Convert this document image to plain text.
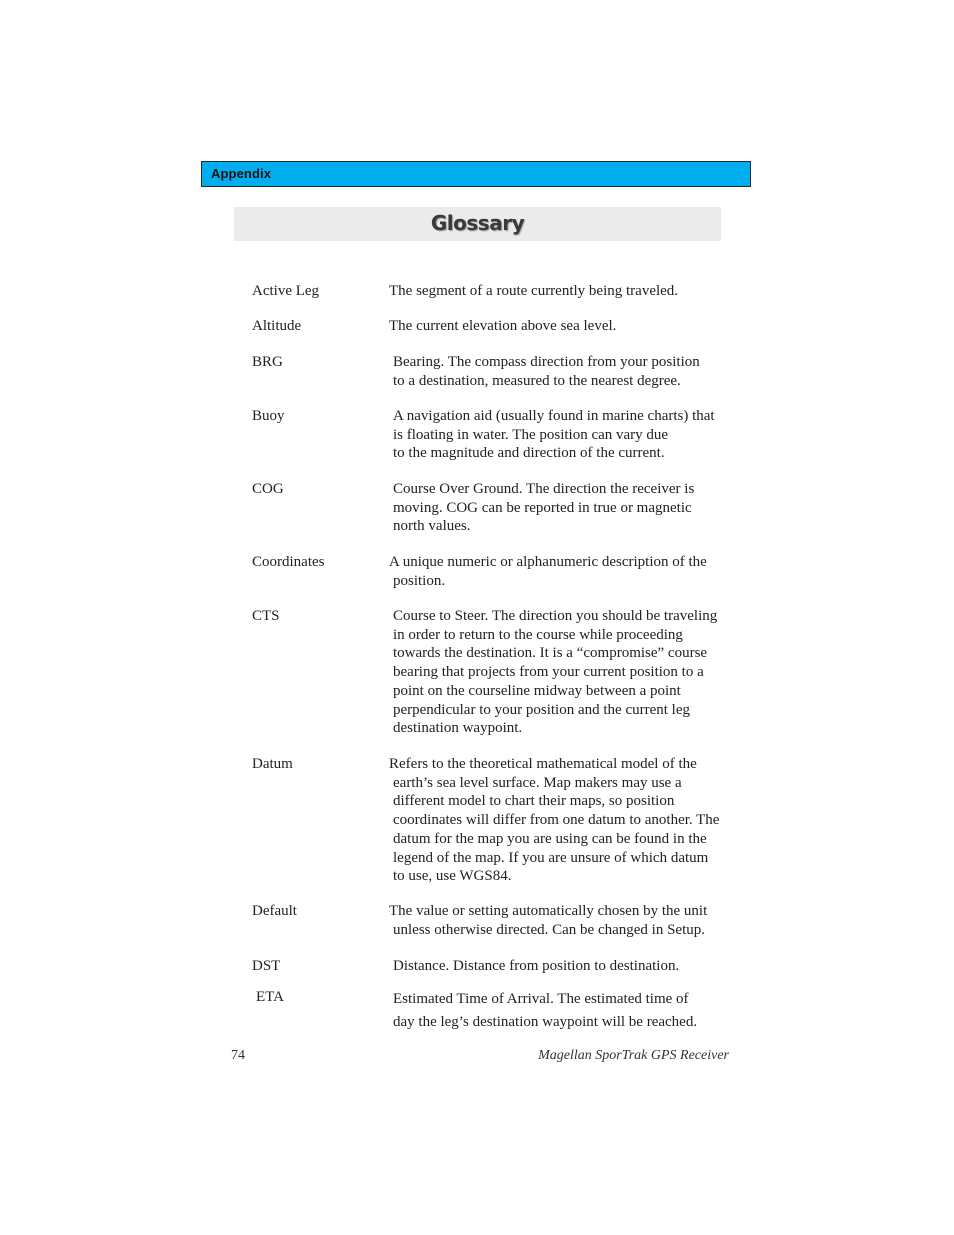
Appendix
Glossary
Active Leg	The segment of a route currently being traveled.
Altitude	The current elevation above sea level.
BRG	Bearing. The compass direction from your position
to a destination, measured to the nearest degree.
Buoy	A navigation aid (usually found in marine charts) that
is floating in water. The position can vary due
to the magnitude and direction of the current.
COG	Course Over Ground. The direction the receiver is
moving. COG can be reported in true or magnetic
north values.
Coordinates	A unique numeric or alphanumeric description of the
position.
CTS	Course to Steer. The direction you should be traveling
in order to return to the course while proceeding
towards the destination. It is a “compromise” course
bearing that projects from your current position to a
point on the courseline midway between a point
perpendicular to your position and the current leg
destination waypoint.
Datum	Refers to the theoretical mathematical model of the
earth’s sea level surface. Map makers may use a
different model to chart their maps, so position
coordinates will differ from one datum to another. The
datum for the map you are using can be found in the
legend of the map. If you are unsure of which datum
to use, use WGS84.
Default	The value or setting automatically chosen by the unit
unless otherwise directed. Can be changed in Setup.
DST	Distance. Distance from position to destination.
ETA	Estimated Time of Arrival. The estimated time of
day the leg’s destination waypoint will be reached.
74	Magellan SporTrak GPS Receiver
